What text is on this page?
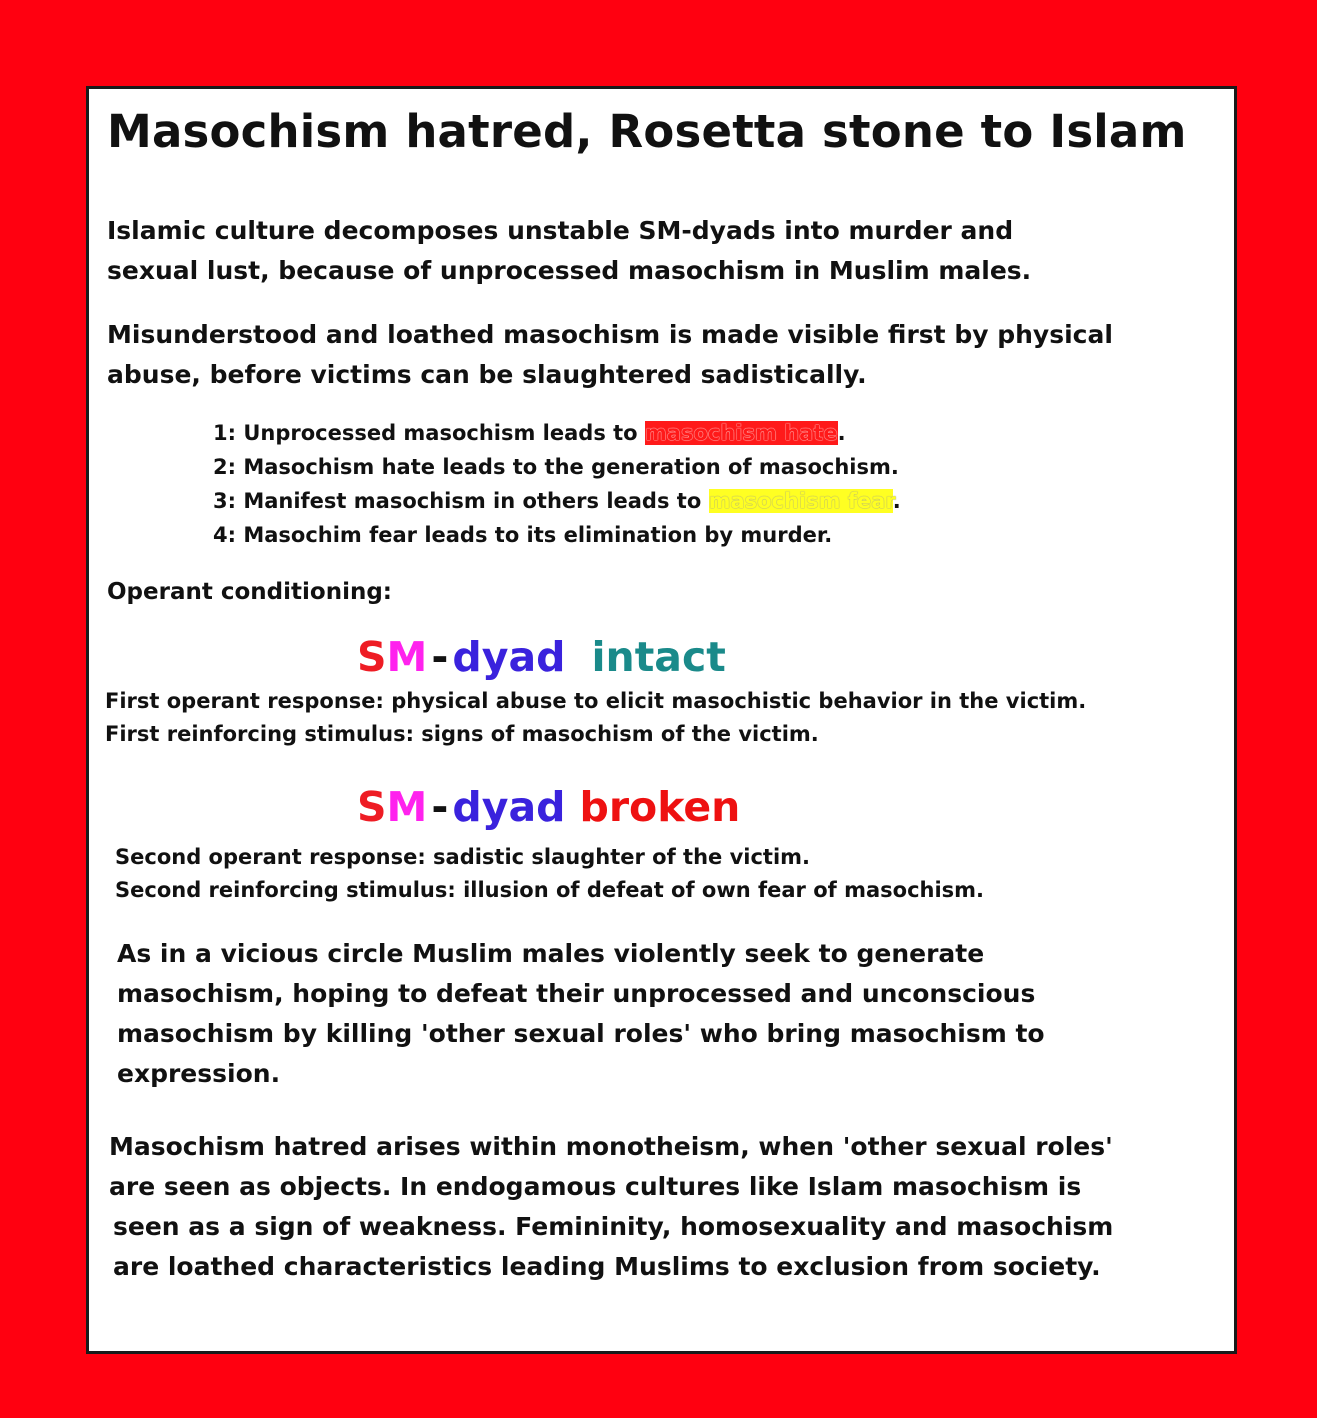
Masochism hatred, Rosetta stone to Islam
Islamic culture decomposes unstable SM-dyads into murder and
sexual lust, because of unprocessed masochism in Muslim males.
Misunderstood and loathed masochism is made visible first by physical
abuse, before victims can be slaughtered sadistically.
1: Unprocessed masochism leads to masochism hate.
2: Masochism hate leads to the generation of masochism.
3: Manifest masochism in others leads to masochism fear.
4: Masochim fear leads to its elimination by murder.
Operant conditioning:
SM-dyad intact
First operant response: physical abuse to elicit masochistic behavior in the victim.
First reinforcing stimulus: signs of masochism of the victim.
SM-dyad broken
Second operant response: sadistic slaughter of the victim.
Second reinforcing stimulus: illusion of defeat of own fear of masochism.
As in a vicious circle Muslim males violently seek to generate
masochism, hoping to defeat their unprocessed and unconscious
masochism by killing 'other sexual roles' who bring masochism to
expression.
Masochism hatred arises within monotheism, when 'other sexual roles'
are seen as objects. In endogamous cultures like Islam masochism is
seen as a sign of weakness. Femininity, homosexuality and masochism
are loathed characteristics leading Muslims to exclusion from society.
